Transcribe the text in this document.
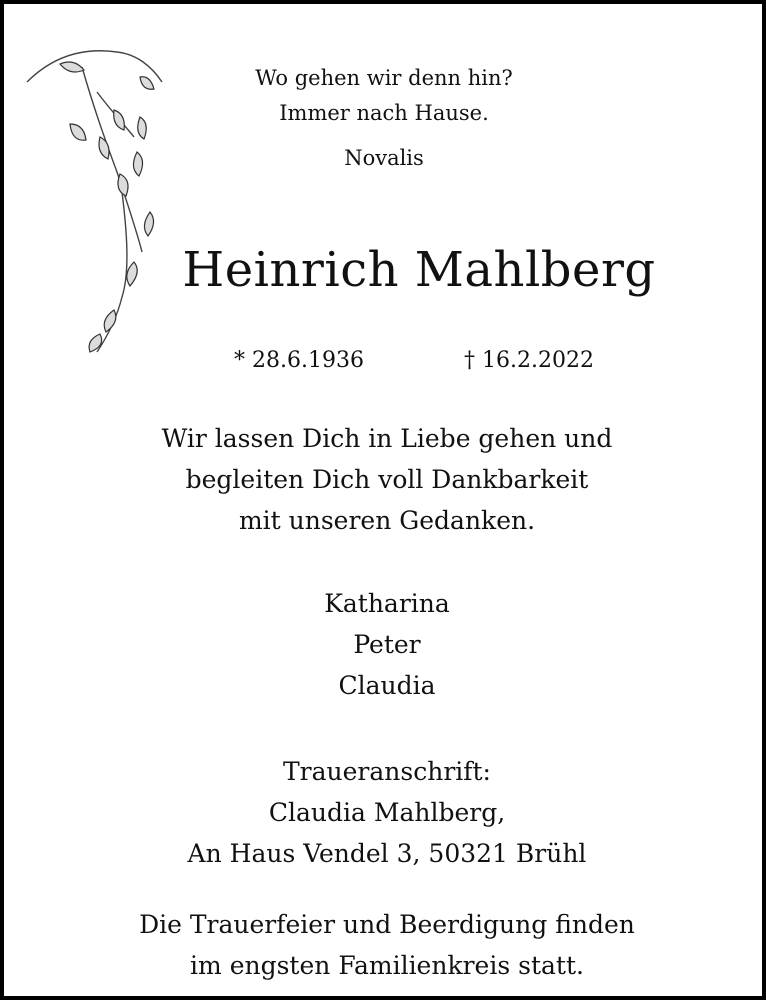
Wo gehen wir denn hin?
Immer nach Hause.
Novalis
Heinrich Mahlberg
* 28.6.1936	† 16.2.2022
Wir lassen Dich in Liebe gehen und
begleiten Dich voll Dankbarkeit
mit unseren Gedanken.
Katharina
Peter
Claudia
Traueranschrift:
Claudia Mahlberg,
An Haus Vendel 3, 50321 Brühl
Die Trauerfeier und Beerdigung finden
im engsten Familienkreis statt.
